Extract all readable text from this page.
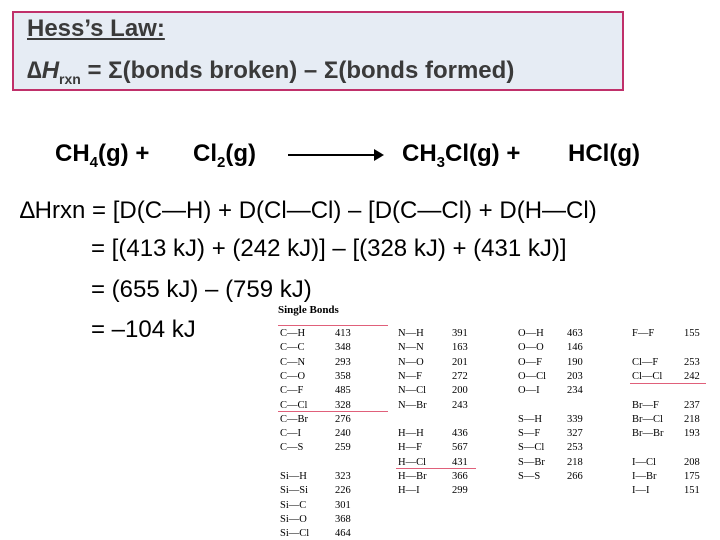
Hess’s Law:
$\Delta H_{rxn}$ = Σ(bonds broken) – Σ(bonds formed)
$CH_4(g) + Cl_2(g)$	$CH_3Cl(g) + HCl(g)$
∆Hrxn = [D(C—H) + D(Cl—Cl) – [D(C—Cl) + D(H—Cl)
= [(413 kJ) + (242 kJ)] – [(328 kJ) + (431 kJ)]
= (655 kJ) – (759 kJ)
= –104 kJ
Single Bonds
C—H	413
C—C	348
C—N	293
C—O	358
C—F	485
C—Cl	328
C—Br	276
C—I	240
C—S	259
Si—H	323
Si—Si	226
Si—C	301
Si—O	368
Si—Cl 464
N—H	391
N—N	163
N—O	201
N—F	272
N—Cl 200
N—Br 243
H—H	436
H—F	567
H—Cl 431
H—Br 366
H—I	299
O—H 463
O—O 146
O—F 190
O—Cl 203
O—I	234
S—H 339
S—F	327
S—Cl 253
S—Br 218
S—S	266
F—F	155
Cl—F 253
Cl—Cl 242
Br—F 237
Br—Cl 218
Br—Br 193
I—Cl	208
I—Br	175
I—I	151
